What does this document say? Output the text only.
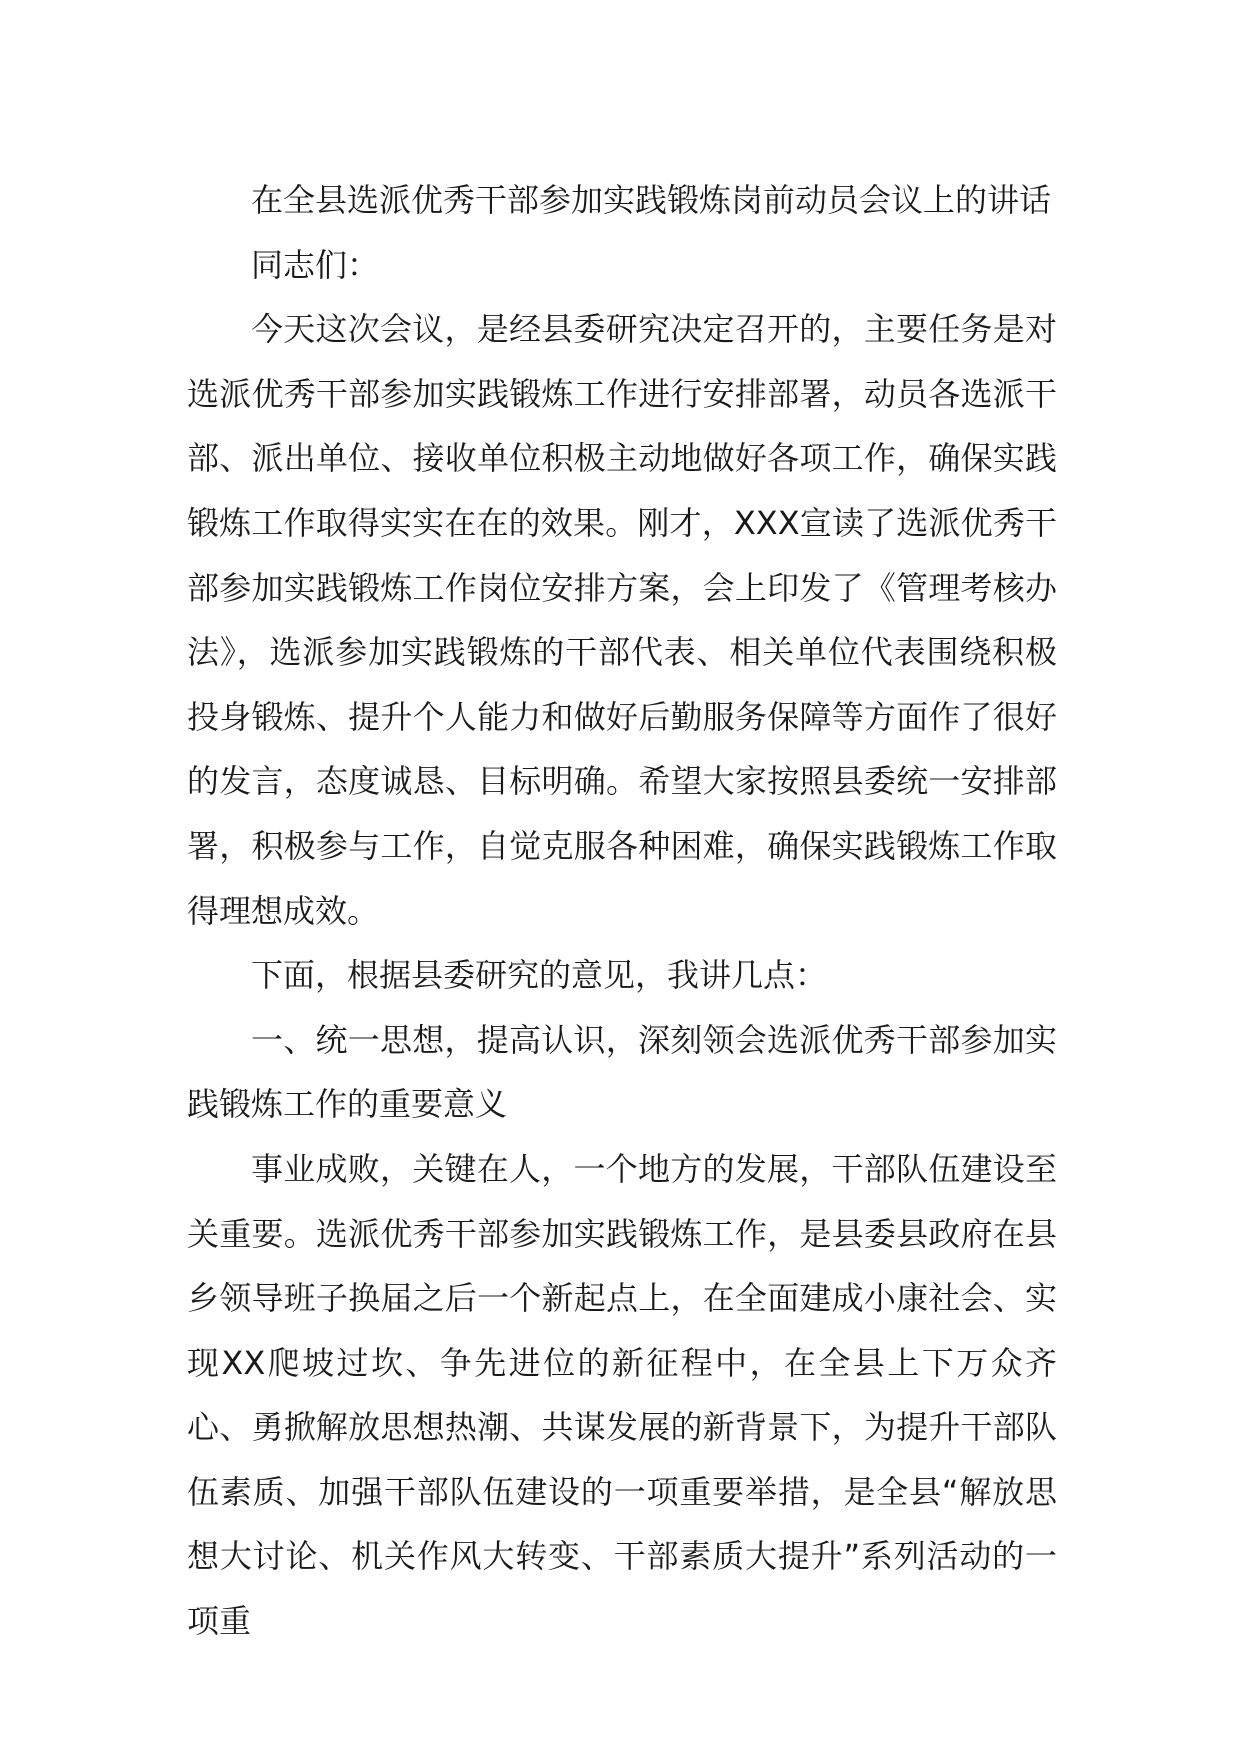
在全县选派优秀干部参加实践锻炼岗前动员会议上的讲话

同志们：

今天这次会议，是经县委研究决定召开的，主要任务是对选派优秀干部参加实践锻炼工作进行安排部署，动员各选派干部、派出单位、接收单位积极主动地做好各项工作，确保实践锻炼工作取得实实在在的效果。刚才，XXX宣读了选派优秀干部参加实践锻炼工作岗位安排方案，会上印发了《管理考核办法》，选派参加实践锻炼的干部代表、相关单位代表围绕积极投身锻炼、提升个人能力和做好后勤服务保障等方面作了很好的发言，态度诚恳、目标明确。希望大家按照县委统一安排部署，积极参与工作，自觉克服各种困难，确保实践锻炼工作取得理想成效。

下面，根据县委研究的意见，我讲几点：

一、统一思想，提高认识，深刻领会选派优秀干部参加实践锻炼工作的重要意义

事业成败，关键在人，一个地方的发展，干部队伍建设至关重要。选派优秀干部参加实践锻炼工作，是县委县政府在县乡领导班子换届之后一个新起点上，在全面建成小康社会、实现XX爬坡过坎、争先进位的新征程中，在全县上下万众齐心、勇掀解放思想热潮、共谋发展的新背景下，为提升干部队伍素质、加强干部队伍建设的一项重要举措，是全县“解放思想大讨论、机关作风大转变、干部素质大提升”系列活动的一项重
